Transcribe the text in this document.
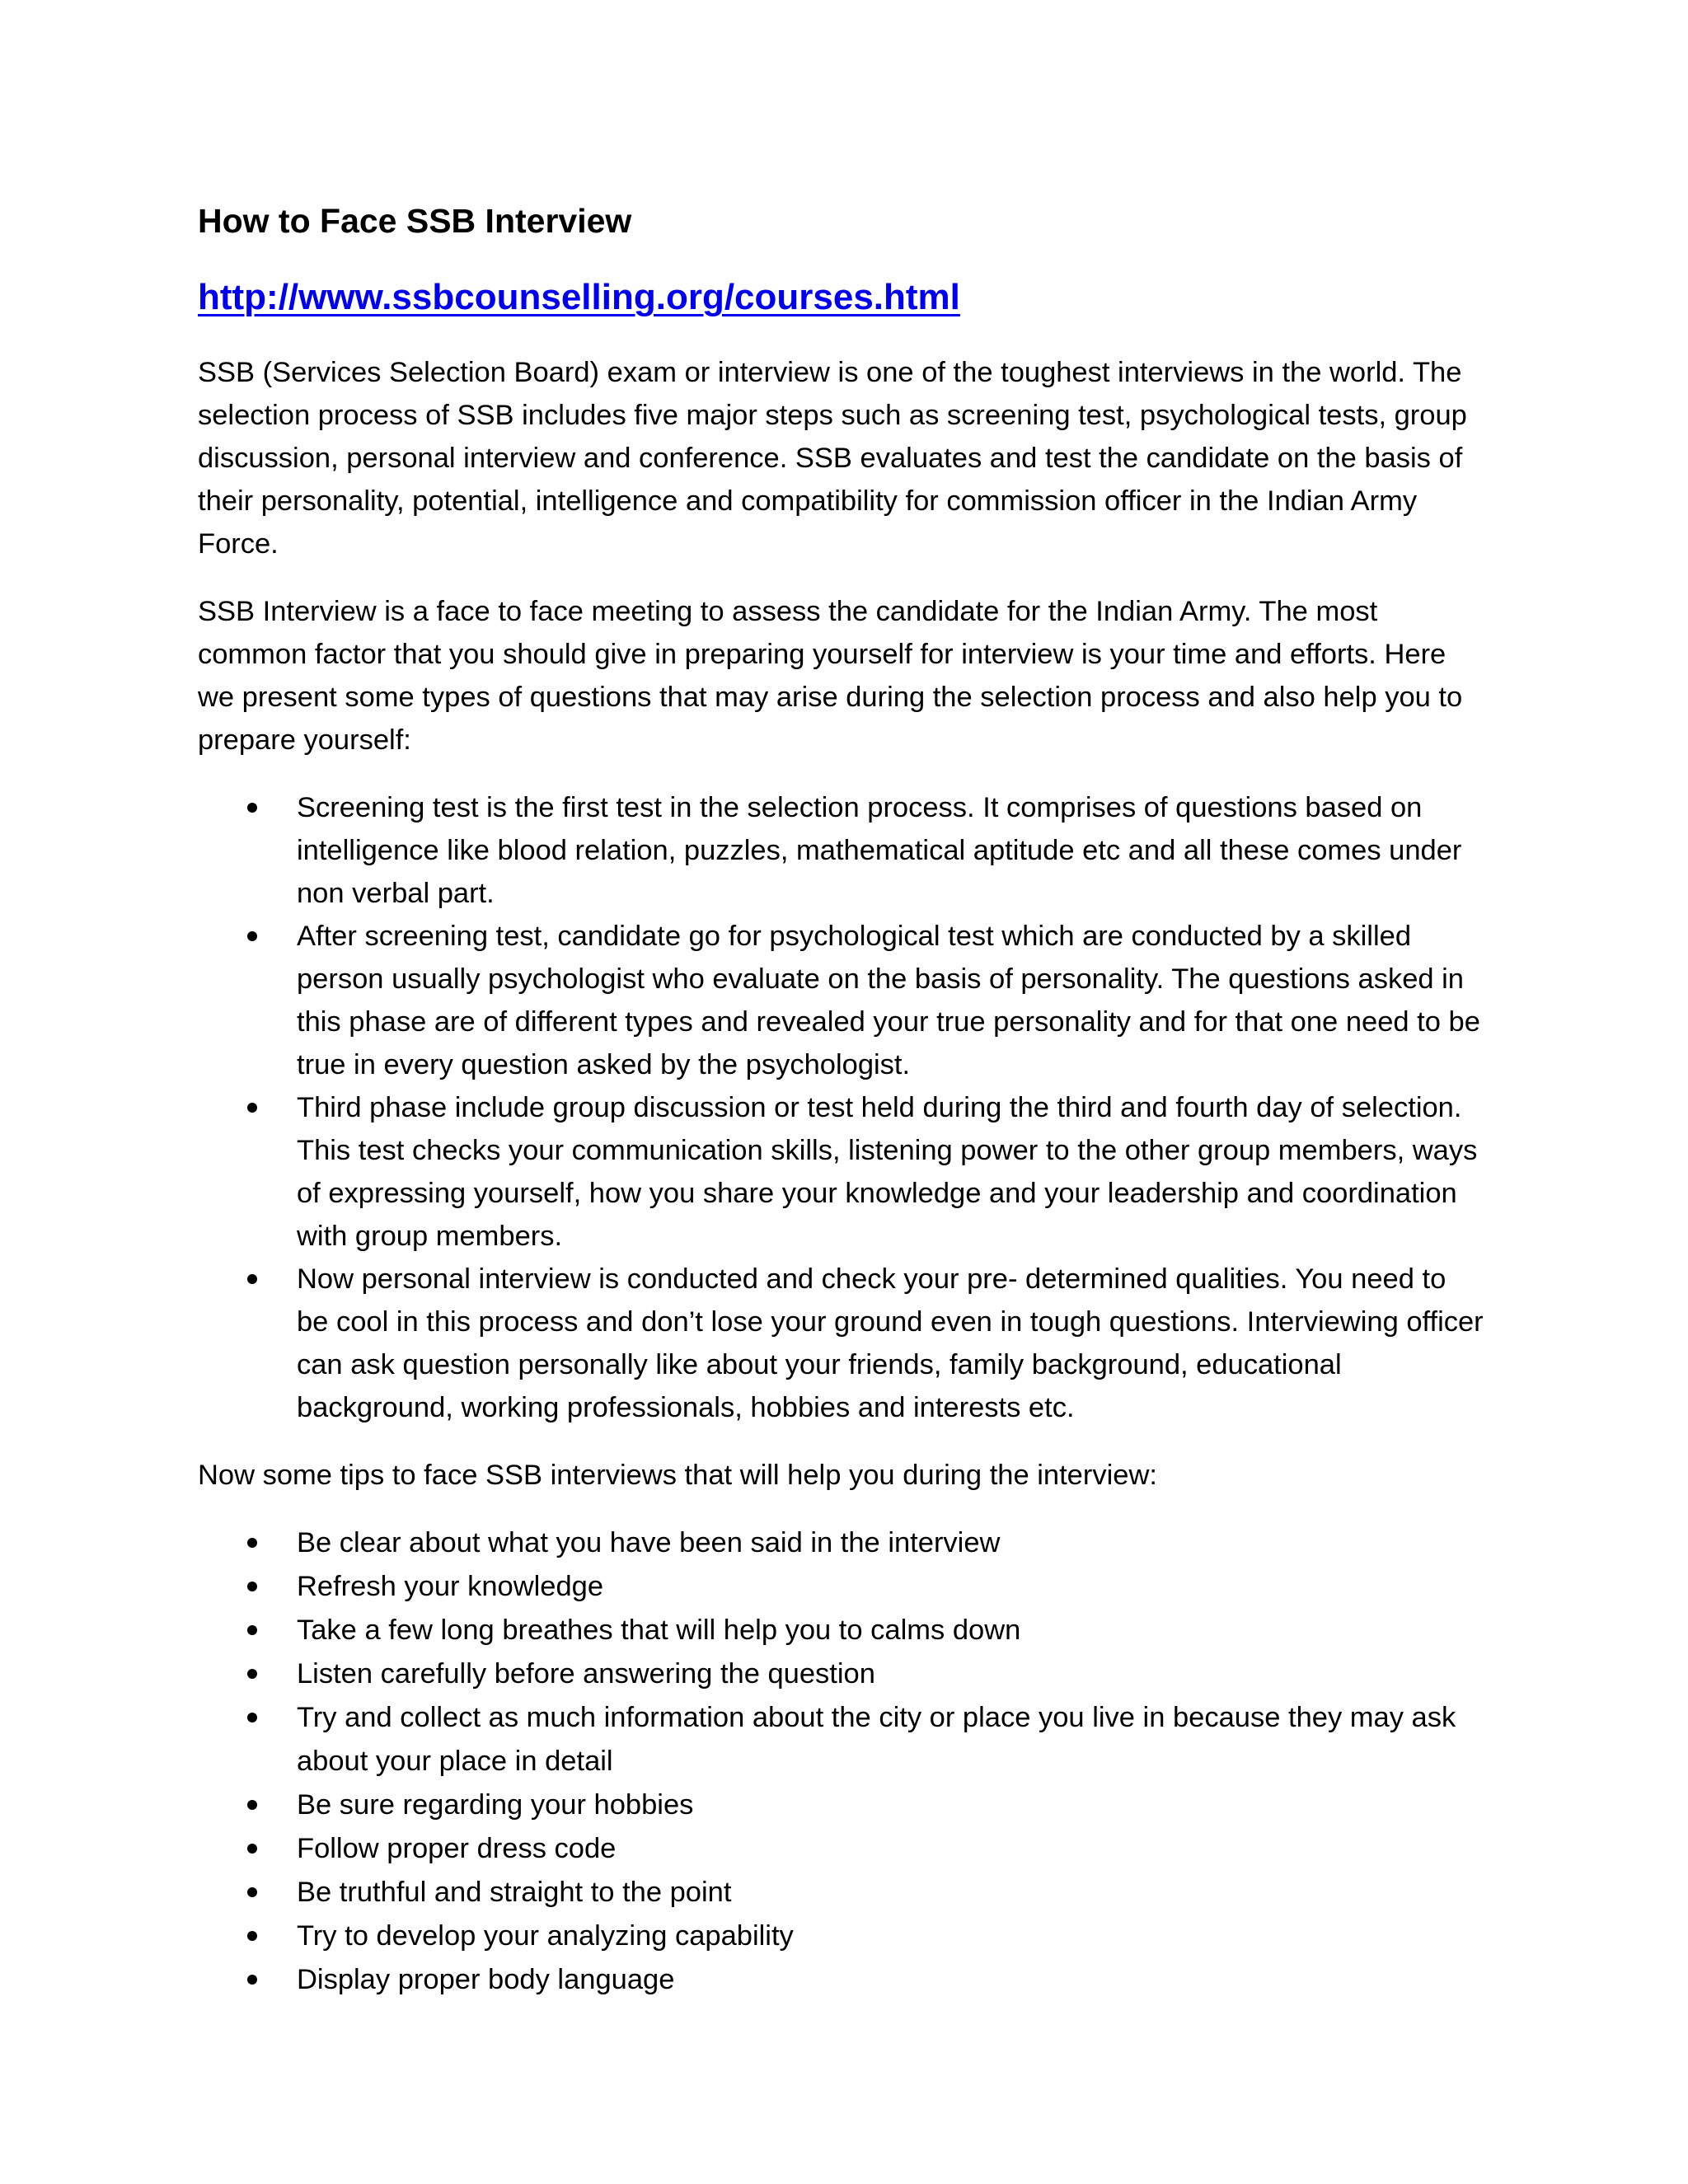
How to Face SSB Interview
http://www.ssbcounselling.org/courses.html

SSB (Services Selection Board) exam or interview is one of the toughest interviews in the world. The selection process of SSB includes five major steps such as screening test, psychological tests, group discussion, personal interview and conference. SSB evaluates and test the candidate on the basis of their personality, potential, intelligence and compatibility for commission officer in the Indian Army Force.

SSB Interview is a face to face meeting to assess the candidate for the Indian Army. The most common factor that you should give in preparing yourself for interview is your time and efforts. Here we present some types of questions that may arise during the selection process and also help you to prepare yourself:

Screening test is the first test in the selection process. It comprises of questions based on intelligence like blood relation, puzzles, mathematical aptitude etc and all these comes under non verbal part.
After screening test, candidate go for psychological test which are conducted by a skilled person usually psychologist who evaluate on the basis of personality. The questions asked in this phase are of different types and revealed your true personality and for that one need to be true in every question asked by the psychologist.
Third phase include group discussion or test held during the third and fourth day of selection. This test checks your communication skills, listening power to the other group members, ways of expressing yourself, how you share your knowledge and your leadership and coordination with group members.
Now personal interview is conducted and check your pre- determined qualities. You need to be cool in this process and don’t lose your ground even in tough questions. Interviewing officer can ask question personally like about your friends, family background, educational background, working professionals, hobbies and interests etc.

Now some tips to face SSB interviews that will help you during the interview:

Be clear about what you have been said in the interview
Refresh your knowledge
Take a few long breathes that will help you to calms down
Listen carefully before answering the question
Try and collect as much information about the city or place you live in because they may ask about your place in detail
Be sure regarding your hobbies
Follow proper dress code
Be truthful and straight to the point
Try to develop your analyzing capability
Display proper body language
